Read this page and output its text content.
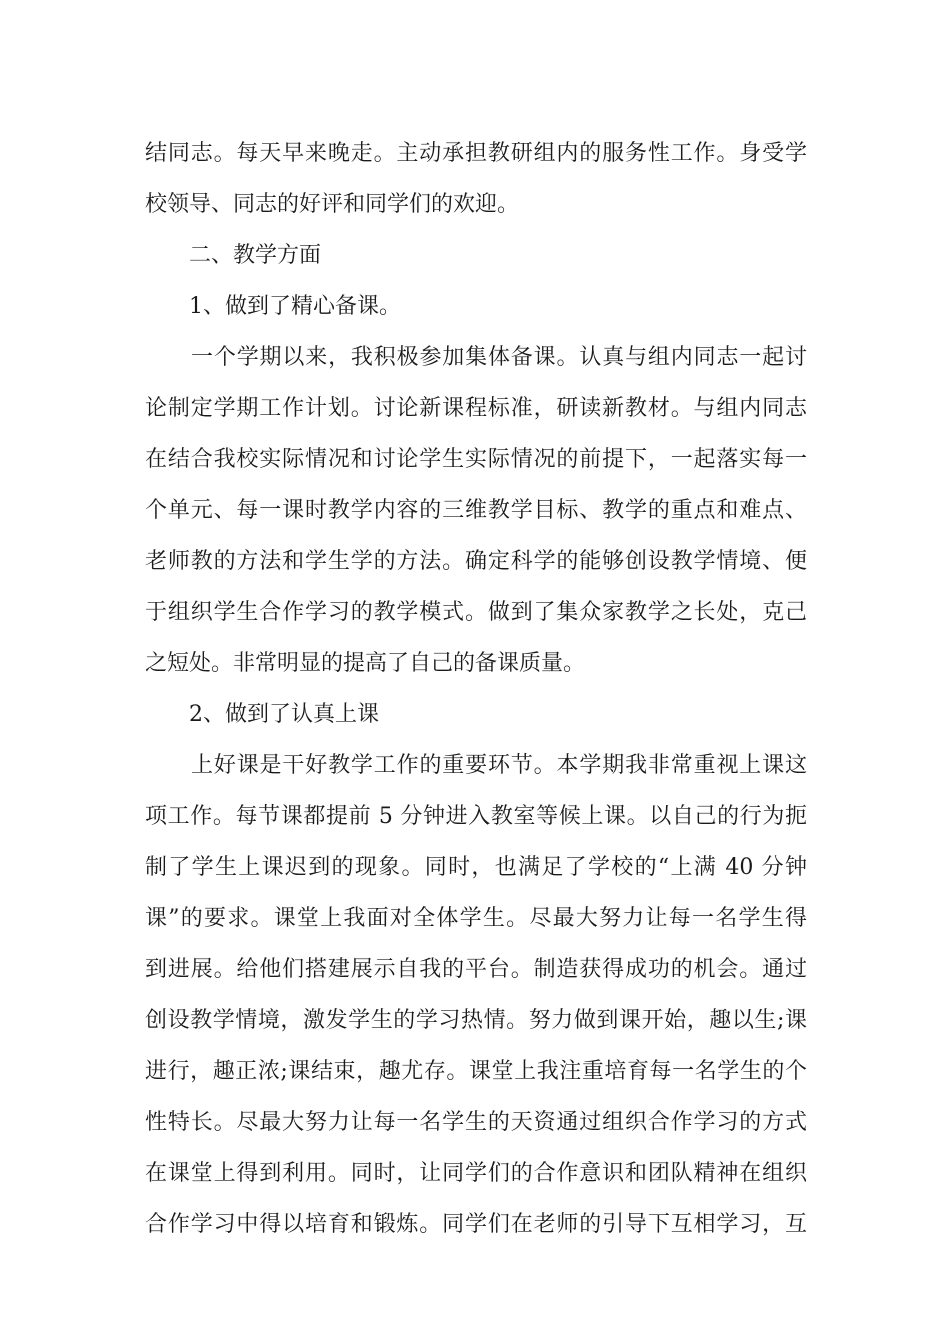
结同志。每天早来晚走。主动承担教研组内的服务性工作。身受学
校领导、同志的好评和同学们的欢迎。
二、教学方面
1、做到了精心备课。
一个学期以来，我积极参加集体备课。认真与组内同志一起讨
论制定学期工作计划。讨论新课程标准，研读新教材。与组内同志
在结合我校实际情况和讨论学生实际情况的前提下，一起落实每一
个单元、每一课时教学内容的三维教学目标、教学的重点和难点、
老师教的方法和学生学的方法。确定科学的能够创设教学情境、便
于组织学生合作学习的教学模式。做到了集众家教学之长处，克己
之短处。非常明显的提高了自己的备课质量。
2、做到了认真上课
上好课是干好教学工作的重要环节。本学期我非常重视上课这
项工作。每节课都提前 5 分钟进入教室等候上课。以自己的行为扼
制了学生上课迟到的现象。同时，也满足了学校的“上满 40 分钟
课”的要求。课堂上我面对全体学生。尽最大努力让每一名学生得
到进展。给他们搭建展示自我的平台。制造获得成功的机会。通过
创设教学情境，激发学生的学习热情。努力做到课开始，趣以生;课
进行，趣正浓;课结束，趣尤存。课堂上我注重培育每一名学生的个
性特长。尽最大努力让每一名学生的天资通过组织合作学习的方式
在课堂上得到利用。同时，让同学们的合作意识和团队精神在组织
合作学习中得以培育和锻炼。同学们在老师的引导下互相学习，互
